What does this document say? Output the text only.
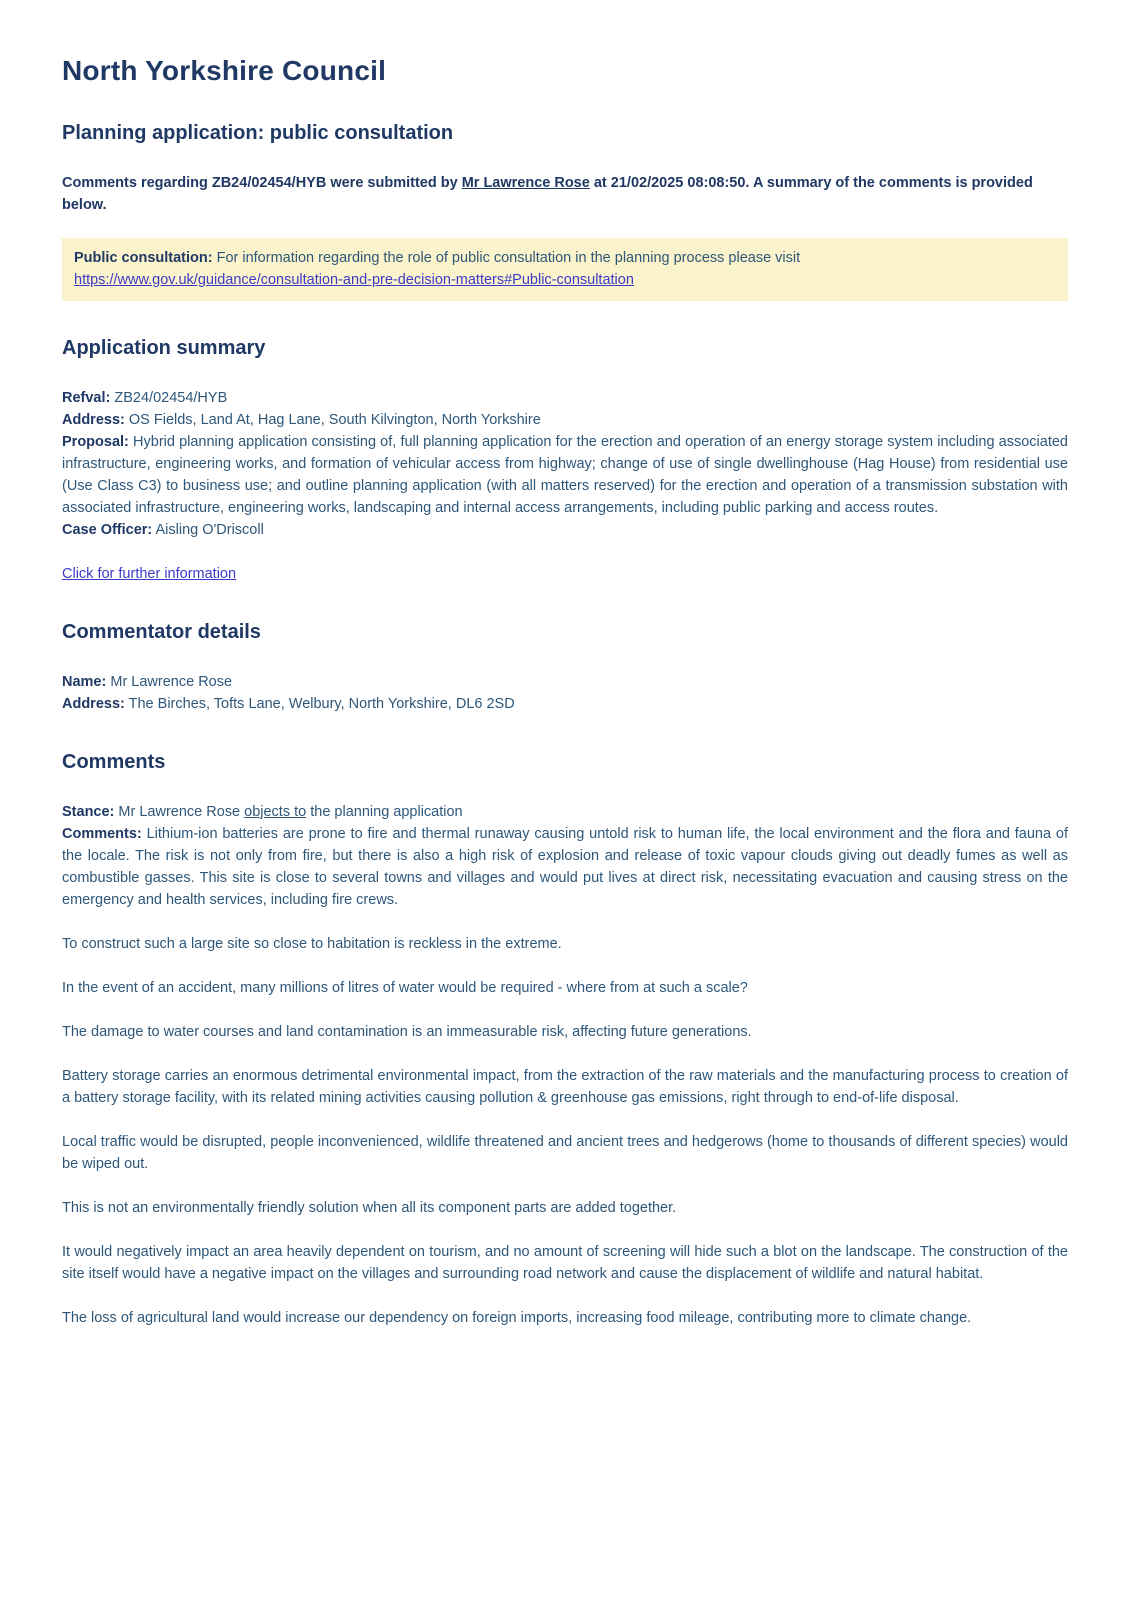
North Yorkshire Council
Planning application: public consultation

Comments regarding ZB24/02454/HYB were submitted by Mr Lawrence Rose at 21/02/2025 08:08:50. A summary of the comments is provided below.

Public consultation: For information regarding the role of public consultation in the planning process please visit https://www.gov.uk/guidance/consultation-and-pre-decision-matters#Public-consultation
Application summary

Refval: ZB24/02454/HYB

Address: OS Fields, Land At, Hag Lane, South Kilvington, North Yorkshire

Proposal: Hybrid planning application consisting of, full planning application for the erection and operation of an energy storage system including associated infrastructure, engineering works, and formation of vehicular access from highway; change of use of single dwellinghouse (Hag House) from residential use (Use Class C3) to business use; and outline planning application (with all matters reserved) for the erection and operation of a transmission substation with associated infrastructure, engineering works, landscaping and internal access arrangements, including public parking and access routes.

Case Officer: Aisling O'Driscoll

Click for further information

Commentator details

Name: Mr Lawrence Rose

Address: The Birches, Tofts Lane, Welbury, North Yorkshire, DL6 2SD

Comments

Stance: Mr Lawrence Rose objects to the planning application

Comments: Lithium-ion batteries are prone to fire and thermal runaway causing untold risk to human life, the local environment and the flora and fauna of the locale. The risk is not only from fire, but there is also a high risk of explosion and release of toxic vapour clouds giving out deadly fumes as well as combustible gasses. This site is close to several towns and villages and would put lives at direct risk, necessitating evacuation and causing stress on the emergency and health services, including fire crews.

To construct such a large site so close to habitation is reckless in the extreme.

In the event of an accident, many millions of litres of water would be required - where from at such a scale?

The damage to water courses and land contamination is an immeasurable risk, affecting future generations.

Battery storage carries an enormous detrimental environmental impact, from the extraction of the raw materials and the manufacturing process to creation of a battery storage facility, with its related mining activities causing pollution & greenhouse gas emissions, right through to end-of-life disposal.

Local traffic would be disrupted, people inconvenienced, wildlife threatened and ancient trees and hedgerows (home to thousands of different species) would be wiped out.

This is not an environmentally friendly solution when all its component parts are added together.

It would negatively impact an area heavily dependent on tourism, and no amount of screening will hide such a blot on the landscape. The construction of the site itself would have a negative impact on the villages and surrounding road network and cause the displacement of wildlife and natural habitat.

The loss of agricultural land would increase our dependency on foreign imports, increasing food mileage, contributing more to climate change.
